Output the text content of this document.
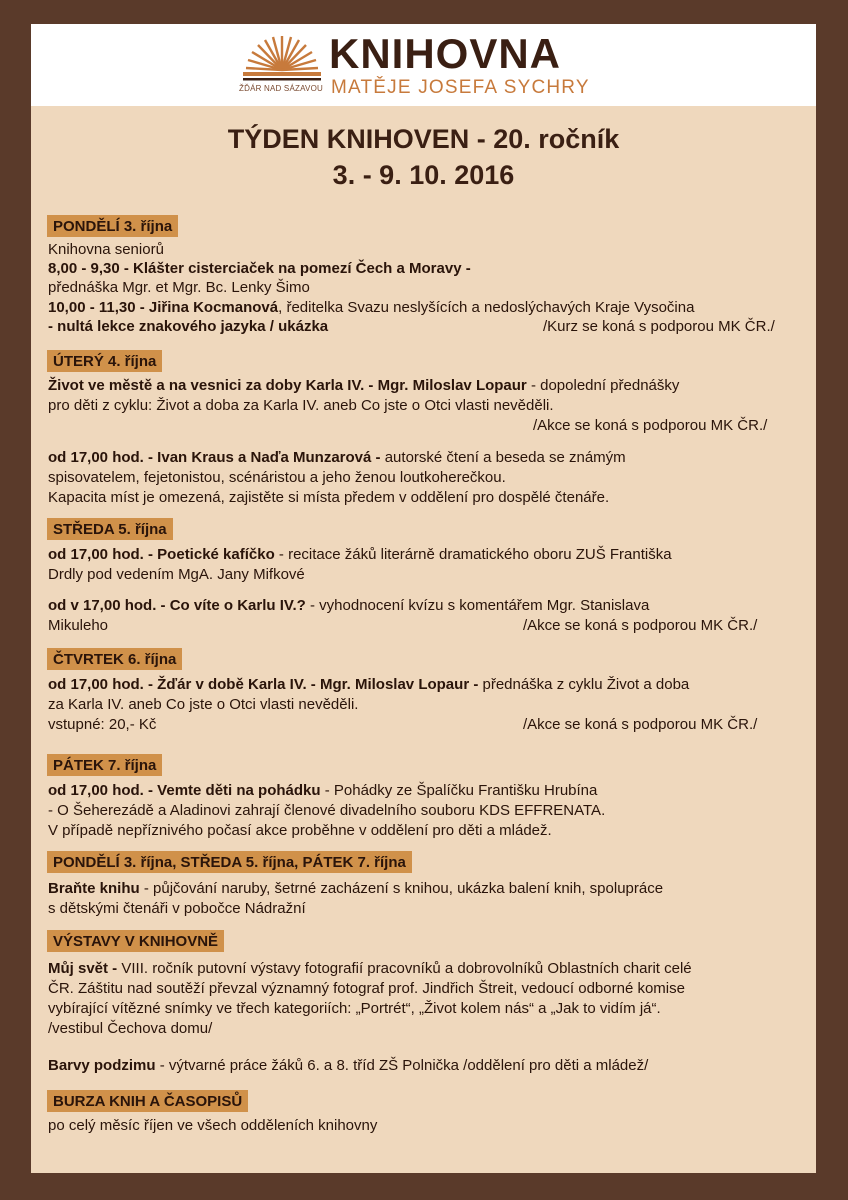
ŽĎÁR NAD SÁZAVOU
KNIHOVNA
MATĚJE JOSEFA SYCHRY
TÝDEN KNIHOVEN - 20. ročník
3. - 9. 10. 2016
PONDĚLÍ 3. října
Knihovna seniorů
8,00 - 9,30 - Klášter cisterciaček na pomezí Čech a Moravy -
přednáška Mgr. et Mgr. Bc. Lenky Šimo
10,00 - 11,30 - Jiřina Kocmanová, ředitelka Svazu neslyšících a nedoslýchavých Kraje Vysočina
- nultá lekce znakového jazyka / ukázka	/Kurz se koná s podporou MK ČR./
ÚTERÝ 4. října
Život ve městě a na vesnici za doby Karla IV. - Mgr. Miloslav Lopaur - dopolední přednášky
pro děti z cyklu: Život a doba za Karla IV. aneb Co jste o Otci vlasti nevěděli.
/Akce se koná s podporou MK ČR./
od 17,00 hod. - Ivan Kraus a Naďa Munzarová - autorské čtení a beseda se známým
spisovatelem, fejetonistou, scénáristou a jeho ženou loutkoherečkou.
Kapacita míst je omezená, zajistěte si místa předem v oddělení pro dospělé čtenáře.
STŘEDA 5. října
od 17,00 hod. - Poetické kafíčko - recitace žáků literárně dramatického oboru ZUŠ Františka
Drdly pod vedením MgA. Jany Mifkové
od v 17,00 hod. - Co víte o Karlu IV.? - vyhodnocení kvízu s komentářem Mgr. Stanislava
Mikuleho	/Akce se koná s podporou MK ČR./
ČTVRTEK 6. října
od 17,00 hod. - Žďár v době Karla IV. - Mgr. Miloslav Lopaur - přednáška z cyklu Život a doba
za Karla IV. aneb Co jste o Otci vlasti nevěděli.
vstupné: 20,- Kč	/Akce se koná s podporou MK ČR./
PÁTEK 7. října
od 17,00 hod. - Vemte děti na pohádku - Pohádky ze Špalíčku Františku Hrubína
- O Šeherezádě a Aladinovi zahrají členové divadelního souboru KDS EFFRENATA.
V případě nepříznivého počasí akce proběhne v oddělení pro děti a mládež.
PONDĚLÍ 3. října, STŘEDA 5. října, PÁTEK 7. října
Braňte knihu - půjčování naruby, šetrné zacházení s knihou, ukázka balení knih, spolupráce
s dětskými čtenáři v pobočce Nádražní
VÝSTAVY V KNIHOVNĚ
Můj svět - VIII. ročník putovní výstavy fotografií pracovníků a dobrovolníků Oblastních charit celé
ČR. Záštitu nad soutěží převzal významný fotograf prof. Jindřich Štreit, vedoucí odborné komise
vybírající vítězné snímky ve třech kategoriích: „Portrét“, „Život kolem nás“ a „Jak to vidím já“.
/vestibul Čechova domu/
Barvy podzimu - výtvarné práce žáků 6. a 8. tříd ZŠ Polnička /oddělení pro děti a mládež/
BURZA KNIH A ČASOPISŮ
po celý měsíc říjen ve všech odděleních knihovny
